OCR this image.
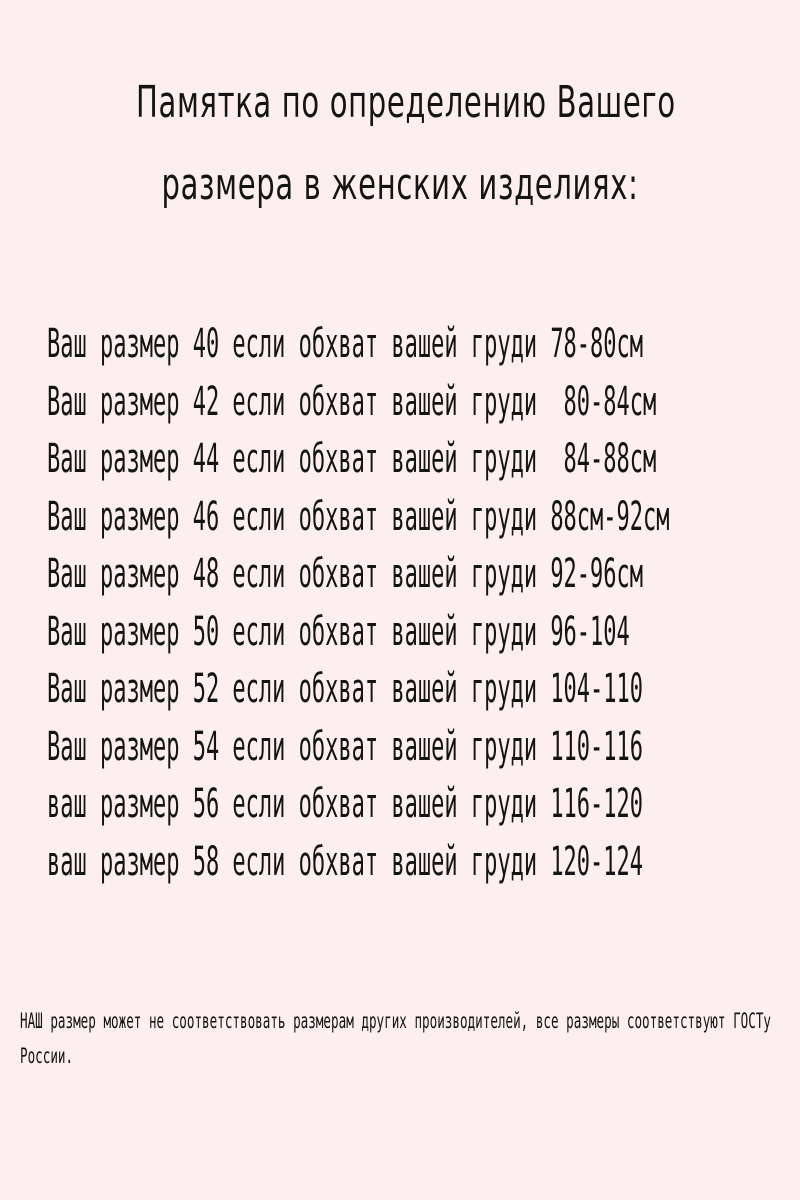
Памятка по определению Вашего
размера в женских изделиях:
Ваш размер 40 если обхват вашей груди 78-80см
Ваш размер 42 если обхват вашей груди  80-84см
Ваш размер 44 если обхват вашей груди  84-88см
Ваш размер 46 если обхват вашей груди 88см-92см
Ваш размер 48 если обхват вашей груди 92-96см
Ваш размер 50 если обхват вашей груди 96-104
Ваш размер 52 если обхват вашей груди 104-110
Ваш размер 54 если обхват вашей груди 110-116
ваш размер 56 если обхват вашей груди 116-120
ваш размер 58 если обхват вашей груди 120-124

НАШ размер может не соответствовать размерам других производителей, все размеры соответствуют ГОСТу России.
